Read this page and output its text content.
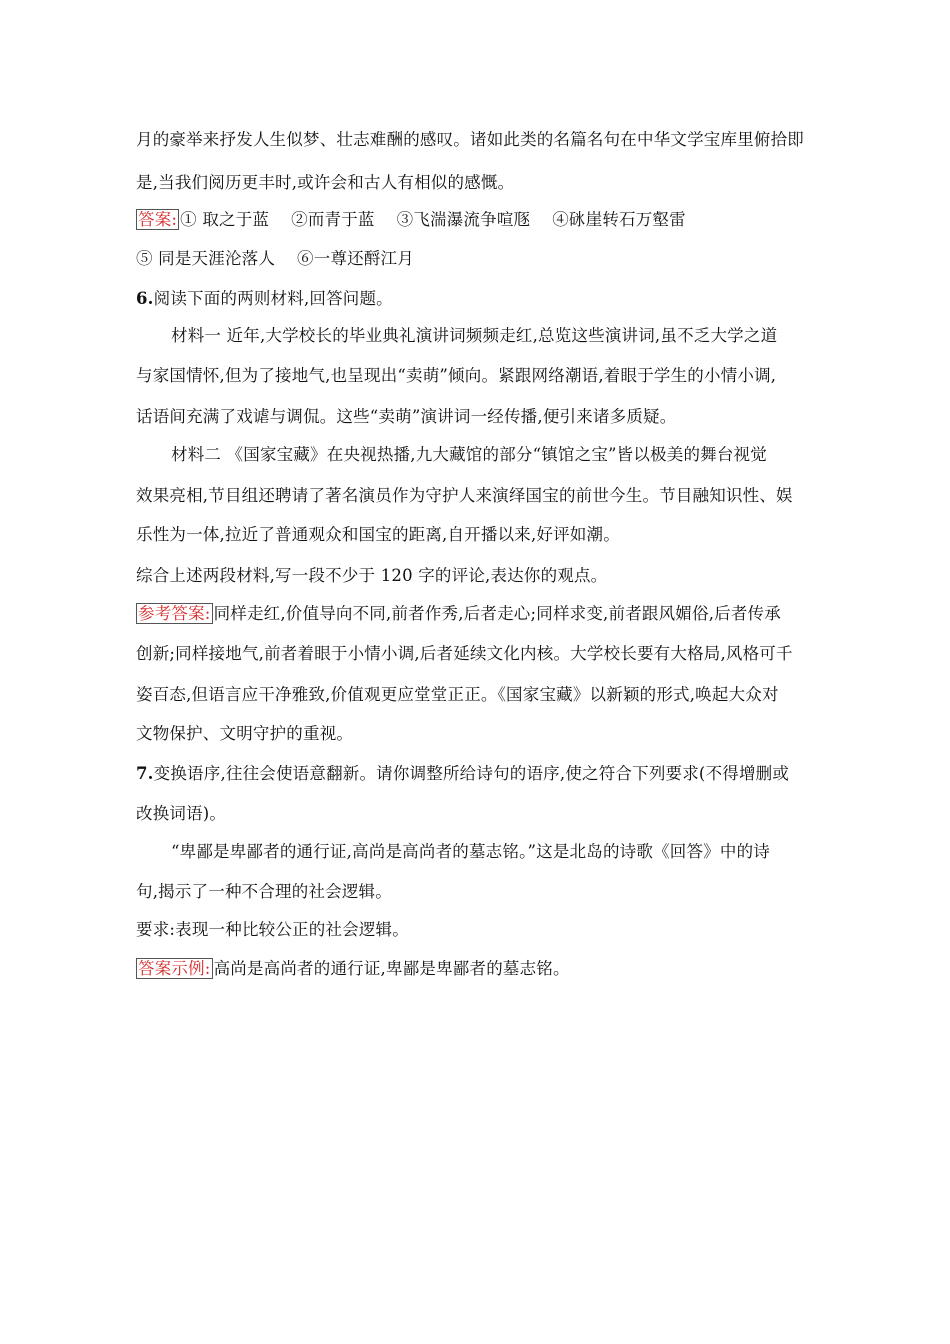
月的豪举来抒发人生似梦、壮志难酬的感叹。诸如此类的名篇名句在中华文学宝库里俯拾即
是,当我们阅历更丰时,或许会和古人有相似的感慨。
答案: ① 取之于蓝 ②而青于蓝 ③飞湍瀑流争喧豗 ④砯崖转石万壑雷
⑤ 同是天涯沦落人 ⑥一尊还酹江月
6.阅读下面的两则材料,回答问题。
材料一 近年,大学校长的毕业典礼演讲词频频走红,总览这些演讲词,虽不乏大学之道
与家国情怀,但为了接地气,也呈现出“卖萌”倾向。紧跟网络潮语,着眼于学生的小情小调,
话语间充满了戏谑与调侃。这些“卖萌”演讲词一经传播,便引来诸多质疑。
材料二 《国家宝藏》在央视热播,九大藏馆的部分“镇馆之宝”皆以极美的舞台视觉
效果亮相,节目组还聘请了著名演员作为守护人来演绎国宝的前世今生。节目融知识性、娱
乐性为一体,拉近了普通观众和国宝的距离,自开播以来,好评如潮。
综合上述两段材料,写一段不少于 120 字的评论,表达你的观点。
参考答案: 同样走红,价值导向不同,前者作秀,后者走心;同样求变,前者跟风媚俗,后者传承
创新;同样接地气,前者着眼于小情小调,后者延续文化内核。大学校长要有大格局,风格可千
姿百态,但语言应干净雅致,价值观更应堂堂正正。《国家宝藏》以新颖的形式,唤起大众对
文物保护、文明守护的重视。
7.变换语序,往往会使语意翻新。请你调整所给诗句的语序,使之符合下列要求(不得增删或
改换词语)。
“卑鄙是卑鄙者的通行证,高尚是高尚者的墓志铭。”这是北岛的诗歌《回答》中的诗
句,揭示了一种不合理的社会逻辑。
要求:表现一种比较公正的社会逻辑。
答案示例: 高尚是高尚者的通行证,卑鄙是卑鄙者的墓志铭。
